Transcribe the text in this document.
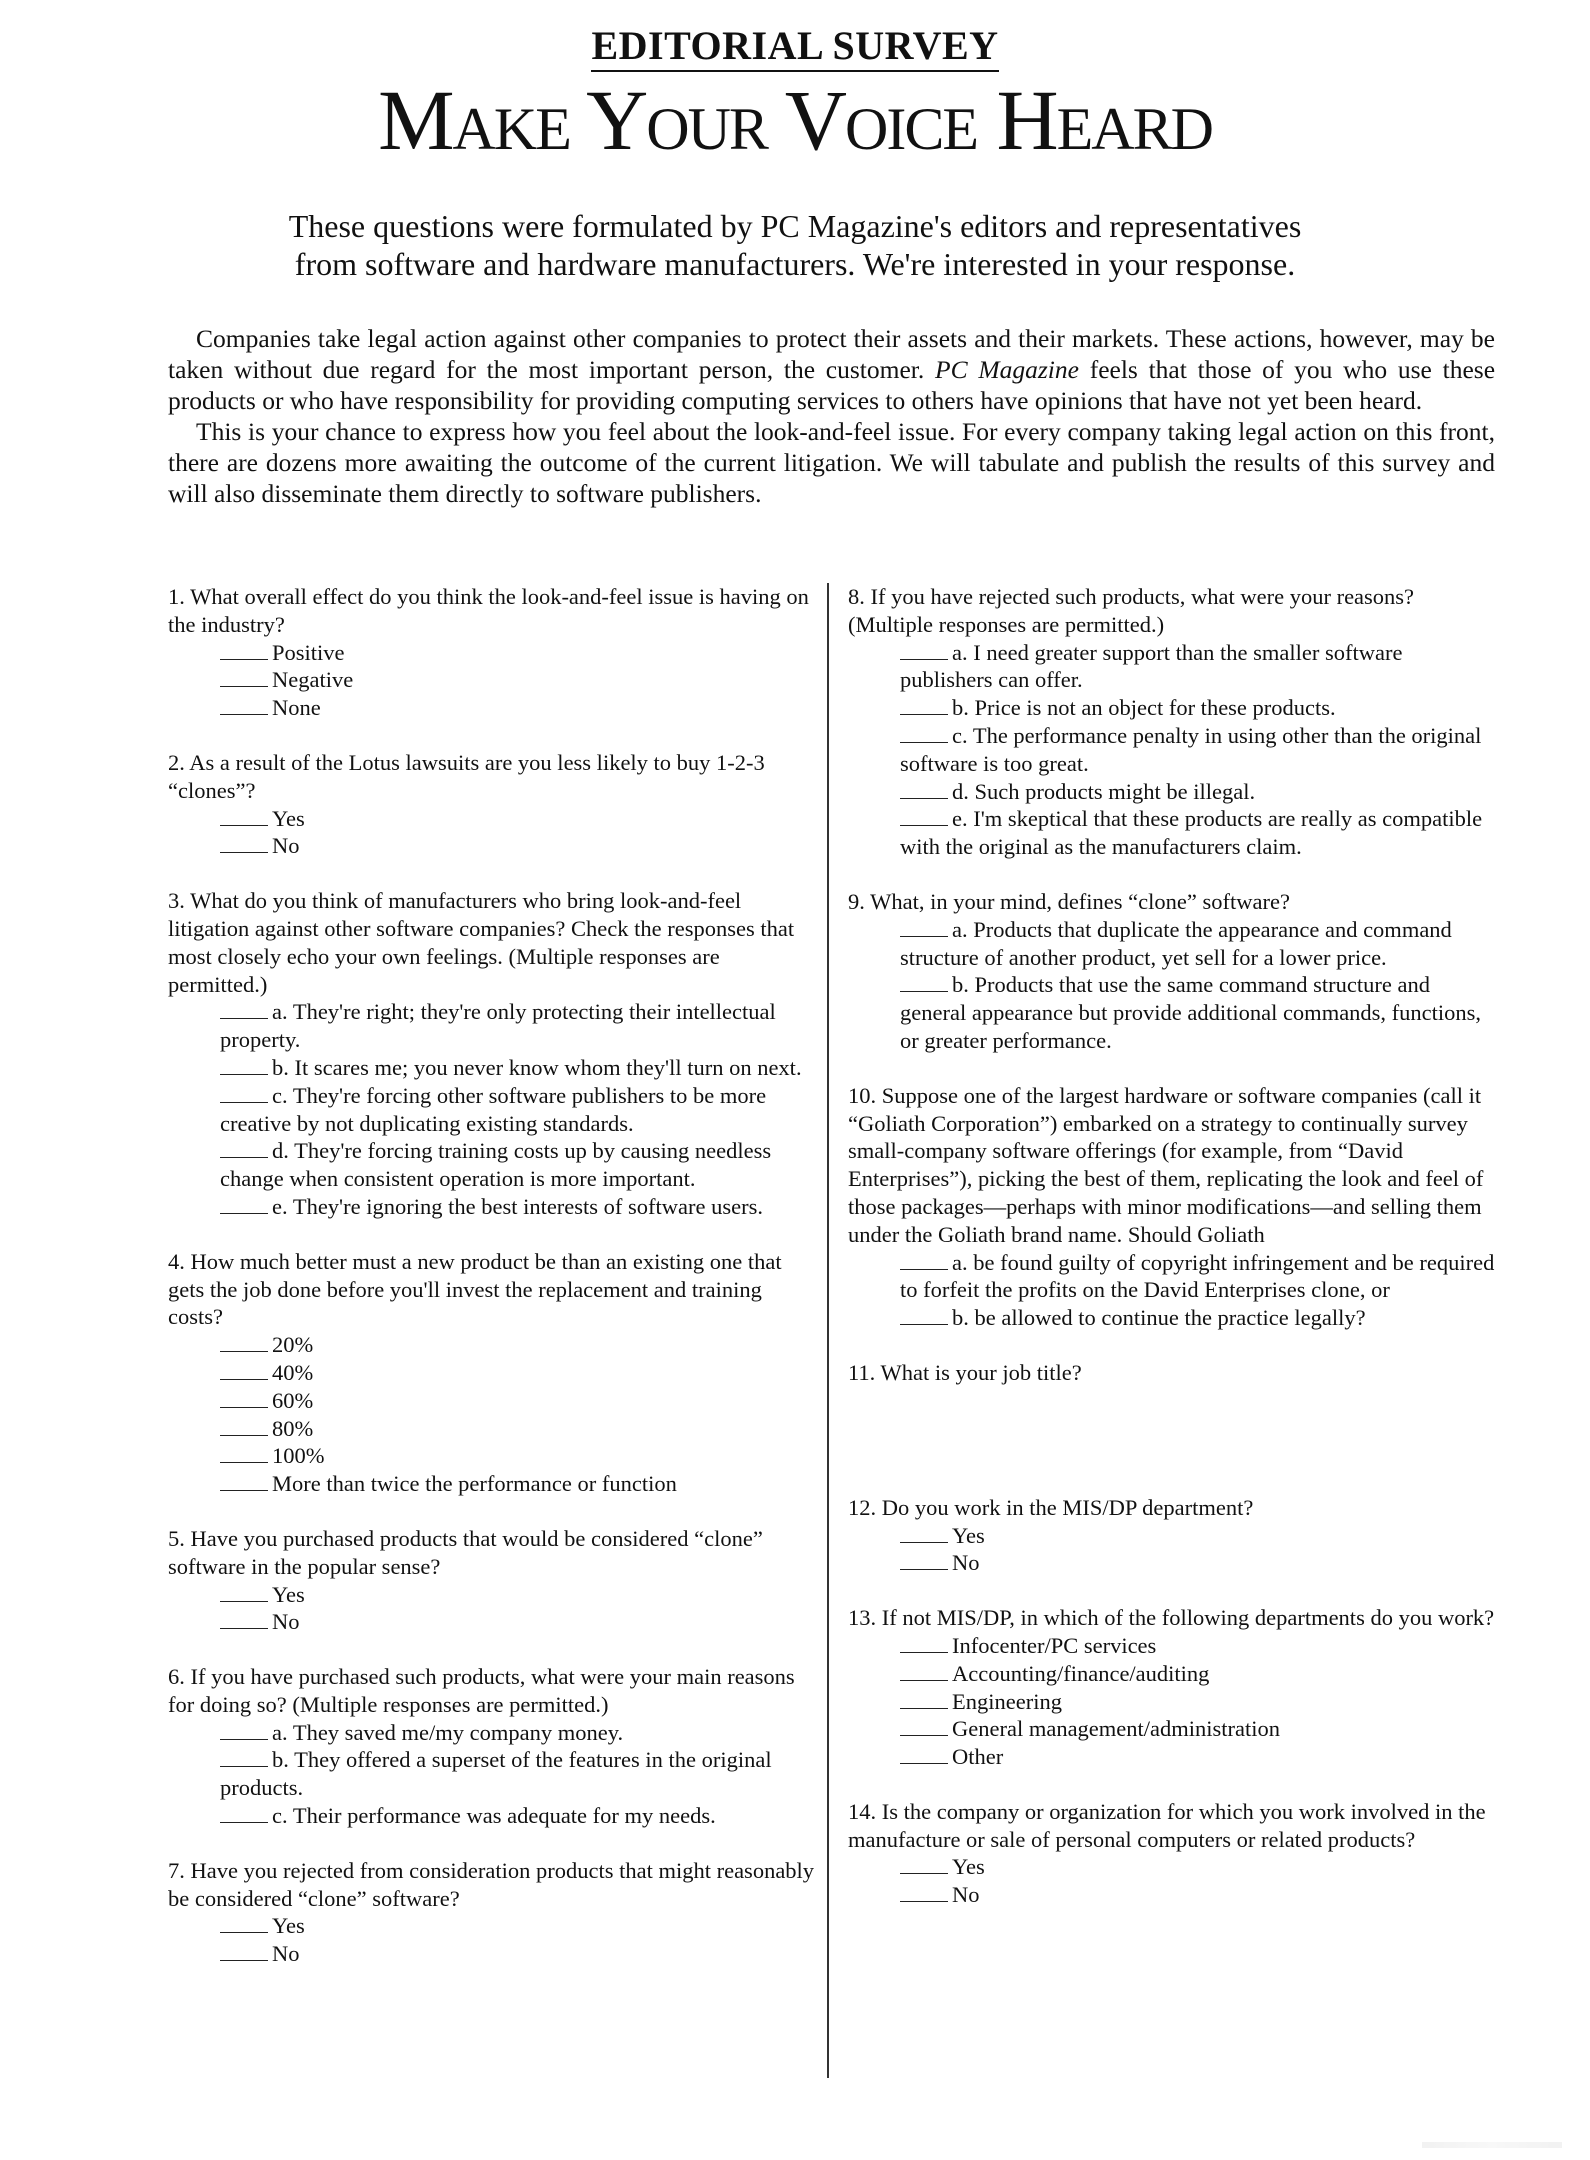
EDITORIAL SURVEY
Make Your Voice Heard
These questions were formulated by PC Magazine's editors and representatives
from software and hardware manufacturers. We're interested in your response.

Companies take legal action against other companies to protect their assets and their markets. These actions, however, may be taken without due regard for the most important person, the customer. PC Magazine feels that those of you who use these products or who have responsibility for providing computing services to others have opinions that have not yet been heard.

This is your chance to express how you feel about the look-and-feel issue. For every company taking legal action on this front, there are dozens more awaiting the outcome of the current litigation. We will tabulate and publish the results of this survey and will also disseminate them directly to software publishers.

1. What overall effect do you think the look-and-feel issue is having on the industry?

Positive
Negative
None

2. As a result of the Lotus lawsuits are you less likely to buy 1-2-3 “clones”?

Yes
No

3. What do you think of manufacturers who bring look-and-feel litigation against other software companies? Check the responses that most closely echo your own feelings. (Multiple responses are permitted.)

a. They're right; they're only protecting their intellectual property.
b. It scares me; you never know whom they'll turn on next.
c. They're forcing other software publishers to be more creative by not duplicating existing standards.
d. They're forcing training costs up by causing needless change when consistent operation is more important.
e. They're ignoring the best interests of software users.

4. How much better must a new product be than an existing one that gets the job done before you'll invest the replacement and training costs?

20%
40%
60%
80%
100%
More than twice the performance or function

5. Have you purchased products that would be considered “clone” software in the popular sense?

Yes
No

6. If you have purchased such products, what were your main reasons for doing so? (Multiple responses are permitted.)

a. They saved me/my company money.
b. They offered a superset of the features in the original products.
c. Their performance was adequate for my needs.

7. Have you rejected from consideration products that might reasonably be considered “clone” software?

Yes
No

8. If you have rejected such products, what were your reasons? (Multiple responses are permitted.)

a. I need greater support than the smaller software publishers can offer.
b. Price is not an object for these products.
c. The performance penalty in using other than the original software is too great.
d. Such products might be illegal.
e. I'm skeptical that these products are really as compatible with the original as the manufacturers claim.

9. What, in your mind, defines “clone” software?

a. Products that duplicate the appearance and command structure of another product, yet sell for a lower price.
b. Products that use the same command structure and general appearance but provide additional commands, functions, or greater performance.

10. Suppose one of the largest hardware or software companies (call it “Goliath Corporation”) embarked on a strategy to continually survey small-company software offerings (for example, from “David Enterprises”), picking the best of them, replicating the look and feel of those packages—perhaps with minor modifications—and selling them under the Goliath brand name. Should Goliath

a. be found guilty of copyright infringement and be required to forfeit the profits on the David Enterprises clone, or
b. be allowed to continue the practice legally?

11. What is your job title?

12. Do you work in the MIS/DP department?

Yes
No

13. If not MIS/DP, in which of the following departments do you work?

Infocenter/PC services
Accounting/finance/auditing
Engineering
General management/administration
Other

14. Is the company or organization for which you work involved in the manufacture or sale of personal computers or related products?

Yes
No
